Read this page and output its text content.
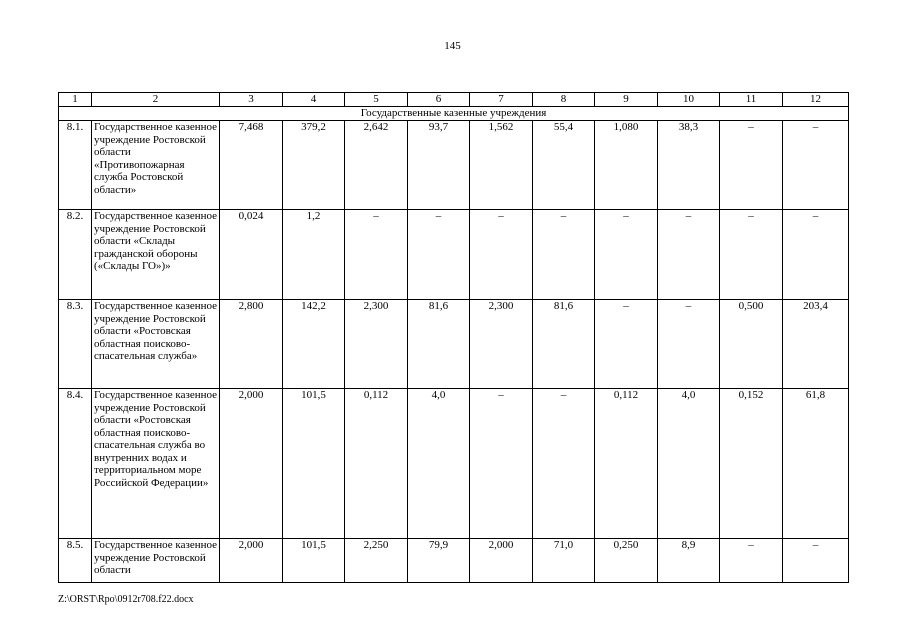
145
1	2	3	4	5	6	7	8	9	10	11	12
Государственные казенные учреждения											
8.1.	Государственное казенное учреждение Ростовской области «Противопожарная служба Ростовской области»	7,468	379,2	2,642	93,7	1,562	55,4	1,080	38,3	–	–
8.2.	Государственное казенное учреждение Ростовской области «Склады гражданской обороны («Склады ГО»)»	0,024	1,2	–	–	–	–	–	–	–	–
8.3.	Государственное казенное учреждение Ростовской области «Ростовская областная поисково-спасательная служба»	2,800	142,2	2,300	81,6	2,300	81,6	–	–	0,500	203,4
8.4.	Государственное казенное учреждение Ростовской области «Ростовская областная поисково-спасательная служба во внутренних водах и территориальном море Российской Федерации»	2,000	101,5	0,112	4,0	–	–	0,112	4,0	0,152	61,8
8.5.	Государственное казенное учреждение Ростовской области	2,000	101,5	2,250	79,9	2,000	71,0	0,250	8,9	–	–
Z:\ORST\Rpo\0912r708.f22.docx
